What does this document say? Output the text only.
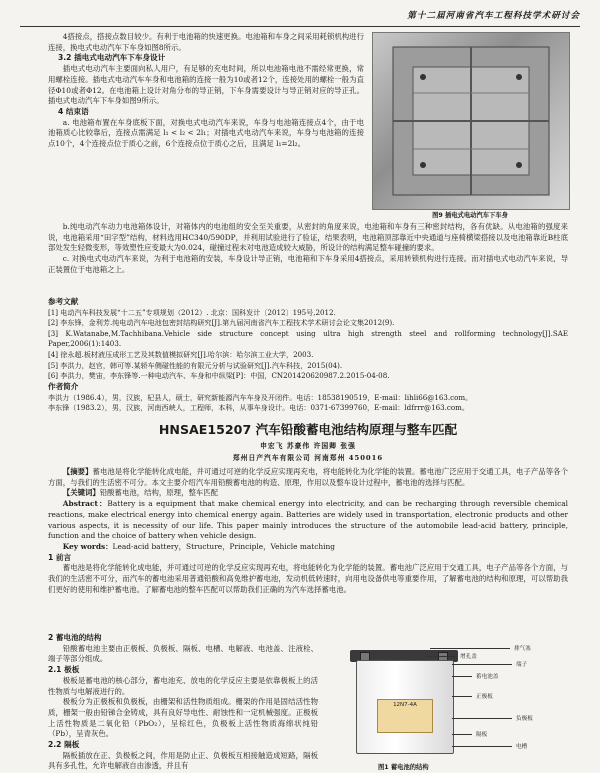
第十二届河南省汽车工程科技学术研讨会

4搭接点，搭接点数目较少。有利于电池箱的快速更换。电池箱和车身之间采用耗锁机构进行连接，换电式电动汽车下车身如图8所示。

3.2 插电式电动汽车下车身设计

插电式电动汽车主要面向私人用户，有足够的充电时间，所以电池箱电池不需经常更换，常用螺栓连接。插电式电动汽车车身和电池箱的连接一般为10或者12个，连接处用的螺栓一般为直径Φ10或者Φ12。在电池箱上设计对角分布的导正销，下车身需要设计与导正销对应的导正孔。插电式电动汽车下车身如图9所示。

4 结束语

a. 电池箱布置在车身底板下面，对换电式电动汽车来说，车身与电池箱连接点4个，由于电池箱质心比较靠后，连接点需满足 l₁ < l₂ < 2l₁；对插电式电动汽车来说，车身与电池箱的连接点10个，4个连接点位于质心之前，6个连接点位于质心之后，且满足 l₁=2l₂。

图9 插电式电动汽车下车身

b.纯电动汽车动力电池箱体设计，对箱体内的电池组的安全至关重要，从密封的角度来说，电池箱和车身有三种密封结构，各有优缺。从电池箱的强度来说，电池箱采用“田字型”结构，材料选用HC340/590DP，并利用试验进行了验证，结果表明，电池箱顶部靠近中央通道与座椅横梁搭接以及电池箱靠近B柱底部处发生轻微变形，等效塑性应变最大为0.024，碰撞过程未对电池造成较大威胁，所设计的结构满足整车碰撞的要求。

c. 对换电式电动汽车来说，为利于电池箱的安装，车身设计导正销，电池箱和下车身采用4搭接点，采用转锁机构进行连接。而对插电式电动汽车来说，导正装置位于电池箱之上。

参考文献

[1] 电动汽车科技发展“十二五”专项规划（2012）. 北京：国科发计〔2012〕195号,2012.

[2] 李东锋，金利芳.纯电动汽车电池包密封结构研究[J].第九届河南省汽车工程技术学术研讨会论文集2012(9).

[3] K.Watanabe,M.Tachhibana.Vehicle side structure concept using ultra high strength steel and rollforming technology[J].SAE Paper,2006(1):1403.

[4] 徐永超.板材液压成形工艺及其数值模拟研究[J].哈尔滨：哈尔滨工业大学，2003.

[5] 李洪力，赵官，韩可等.某轿车侧碰性能的有限元分析与试验研究[J].汽车科技，2015(04).

[6] 李洪力，樊宙，李东锋等.一种电动汽车、车身和中纵梁[P]：中国，CN201420620987.2.2015-04-08.

作者简介

李洪力（1986.4），男，汉族，杞县人，硕士，研究新能源汽车车身及开闭件。电话：18538190519，E-mail：lihli66@163.com。

李东锋（1983.2），男，汉族，河南西峡人，工程师，本科，从事车身设计。电话：0371-67399760，E-mail：ldfrrr@163.com。

HNSAE15207 汽车铅酸蓄电池结构原理与整车匹配
申宏飞 苏豪伟 许国卿 张强
郑州日产汽车有限公司 河南郑州 450016

【摘要】蓄电池是将化学能转化成电能，并可通过可逆的化学反应实现再充电，将电能转化为化学能的装置。蓄电池广泛应用于交通工具，电子产品等各个方面，与我们的生活密不可分。本文主要介绍汽车用铅酸蓄电池的构造、原理，作用以及整车设计过程中，蓄电池的选择与匹配。

【关键词】铅酸蓄电池，结构，原理，整车匹配

Abstract：Battery is a equipment that make chemical energy into electricity, and can be recharging through reversible chemical reactions, make electrical energy into chemical energy again. Batteries are widely used in transportation, electronic products and other various aspects, it is necessity of our life. This paper mainly introduces the structure of the automobile lead-acid battery, principle, function and the choice of battery when vehicle design.

Key words：Lead-acid battery，Structure，Principle，Vehicle matching

1 前言

蓄电池是将化学能转化成电能，并可通过可逆的化学反应实现再充电，将电能转化为化学能的装置。蓄电池广泛应用于交通工具，电子产品等各个方面，与我们的生活密不可分，而汽车的蓄电池采用普通铅酸和高免维护蓄电池，发动机低转速时，向用电设备供电等重要作用，了解蓄电池的结构和原理，可以帮助我们更好的使用和维护蓄电池。了解蓄电池的整车匹配可以帮助我们正确的为汽车选择蓄电池。

2 蓄电池的结构

铅酸蓄电池主要由正极板、负极板、隔板、电槽、电解液、电池盖、注液栓、端子等部分组成。

2.1 极板

极板是蓄电池的核心部分，蓄电池充、放电的化学反应主要是依靠极板上的活性物质与电解液进行的。

极板分为正极板和负极板，由栅架和活性物质组成。栅架的作用是固结活性物质，栅架一般由铅锑合金铸成，具有良好导电性、耐蚀性和一定机械强度。正极板上活性物质是二氧化铅（PbO₂），呈棕红色，负极板上活性物质海绵状纯铅（Pb），呈青灰色。

2.2 隔板

隔板插放在正、负极板之间，作用是防止正、负极板互相接触造成短路，隔板具有多孔性，允许电解液自由渗透，并且有

12N7-4A
排气塞
端子
增孔盖
蓄电池盖
正极板
负极板
隔板
电槽
图1 蓄电池的结构
